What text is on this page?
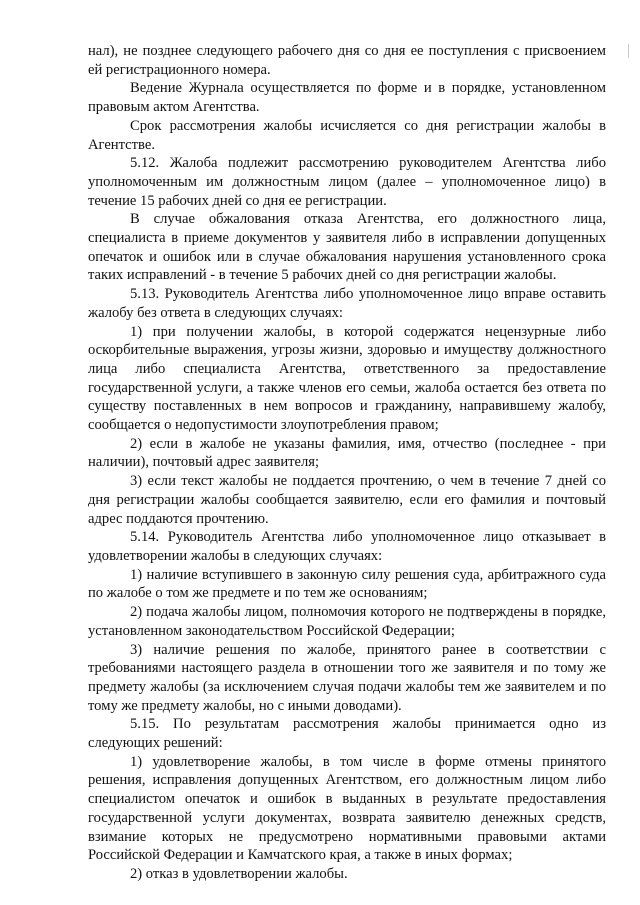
нал), не позднее следующего рабочего дня со дня ее поступления с присвоением ей регистрационного номера.

Ведение Журнала осуществляется по форме и в порядке, установленном правовым актом Агентства.

Срок рассмотрения жалобы исчисляется со дня регистрации жалобы в Агентстве.

5.12. Жалоба подлежит рассмотрению руководителем Агентства либо уполномоченным им должностным лицом (далее – уполномоченное лицо) в течение 15 рабочих дней со дня ее регистрации.

В случае обжалования отказа Агентства, его должностного лица, специалиста в приеме документов у заявителя либо в исправлении допущенных опечаток и ошибок или в случае обжалования нарушения установленного срока таких исправлений - в течение 5 рабочих дней со дня регистрации жалобы.

5.13. Руководитель Агентства либо уполномоченное лицо вправе оставить жалобу без ответа в следующих случаях:

1) при получении жалобы, в которой содержатся нецензурные либо оскорбительные выражения, угрозы жизни, здоровью и имуществу должностного лица либо специалиста Агентства, ответственного за предоставление государственной услуги, а также членов его семьи, жалоба остается без ответа по существу поставленных в нем вопросов и гражданину, направившему жалобу, сообщается о недопустимости злоупотребления правом;

2) если в жалобе не указаны фамилия, имя, отчество (последнее - при наличии), почтовый адрес заявителя;

3) если текст жалобы не поддается прочтению, о чем в течение 7 дней со дня регистрации жалобы сообщается заявителю, если его фамилия и почтовый адрес поддаются прочтению.

5.14. Руководитель Агентства либо уполномоченное лицо отказывает в удовлетворении жалобы в следующих случаях:

1) наличие вступившего в законную силу решения суда, арбитражного суда по жалобе о том же предмете и по тем же основаниям;

2) подача жалобы лицом, полномочия которого не подтверждены в порядке, установленном законодательством Российской Федерации;

3) наличие решения по жалобе, принятого ранее в соответствии с требованиями настоящего раздела в отношении того же заявителя и по тому же предмету жалобы (за исключением случая подачи жалобы тем же заявителем и по тому же предмету жалобы, но с иными доводами).

5.15. По результатам рассмотрения жалобы принимается одно из следующих решений:

1) удовлетворение жалобы, в том числе в форме отмены принятого решения, исправления допущенных Агентством, его должностным лицом либо специалистом опечаток и ошибок в выданных в результате предоставления государственной услуги документах, возврата заявителю денежных средств, взимание которых не предусмотрено нормативными правовыми актами Российской Федерации и Камчатского края, а также в иных формах;

2) отказ в удовлетворении жалобы.
